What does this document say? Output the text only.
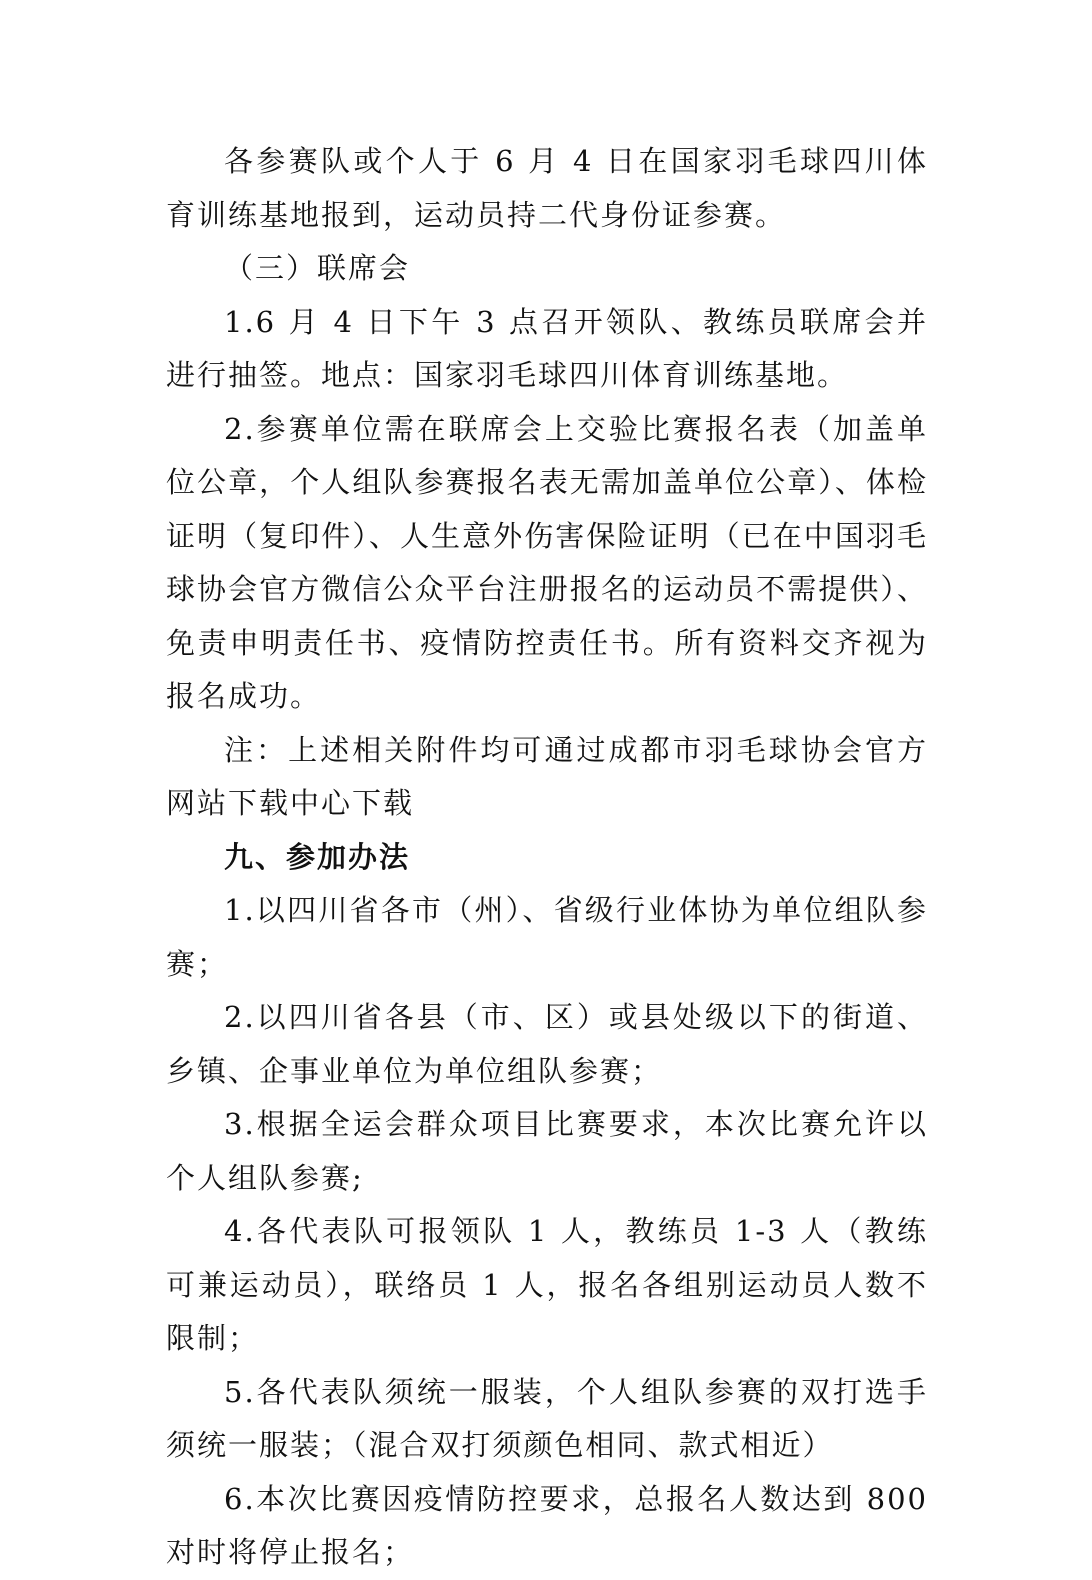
各参赛队或个人于 6 月 4 日在国家羽毛球四川体育训练基地报到，运动员持二代身份证参赛。

（三）联席会

1.6 月 4 日下午 3 点召开领队、教练员联席会并进行抽签。地点：国家羽毛球四川体育训练基地。

2.参赛单位需在联席会上交验比赛报名表（加盖单位公章，个人组队参赛报名表无需加盖单位公章）、体检证明（复印件）、人生意外伤害保险证明（已在中国羽毛球协会官方微信公众平台注册报名的运动员不需提供）、免责申明责任书、疫情防控责任书。所有资料交齐视为报名成功。

注：上述相关附件均可通过成都市羽毛球协会官方网站下载中心下载

九、参加办法

1.以四川省各市（州）、省级行业体协为单位组队参赛；

2.以四川省各县（市、区）或县处级以下的街道、乡镇、企事业单位为单位组队参赛；

3.根据全运会群众项目比赛要求，本次比赛允许以个人组队参赛;

4.各代表队可报领队 1 人，教练员 1-3 人（教练可兼运动员），联络员 1 人，报名各组别运动员人数不限制；

5.各代表队须统一服装，个人组队参赛的双打选手须统一服装；（混合双打须颜色相同、款式相近）

6.本次比赛因疫情防控要求，总报名人数达到 800 对时将停止报名；
